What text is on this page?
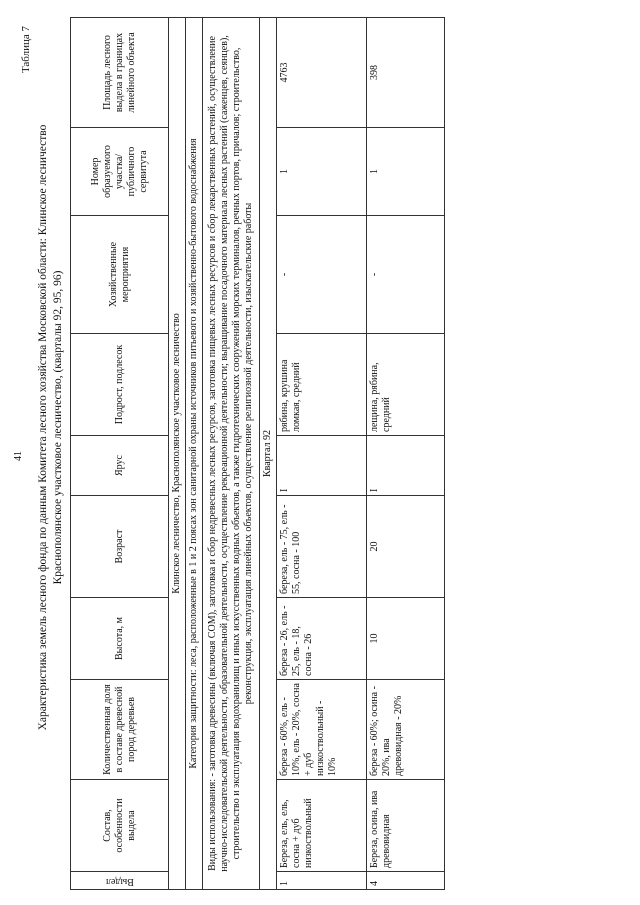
41
Таблица 7
Характеристика земель лесного фонда по данным Комитета лесного хозяйства Московской области: Клинское лесничество Краснополянское участковое лесничество, (кварталы 92, 95, 96)
Выдел	Состав, особенности выдела	Количественная доля в составе древесной пород деревьев	Высота, м	Возраст	Ярус	Подрост, подлесок	Хозяйственные мероприятия	Номер образуемого участка/ публичного сервитута	Площадь лесного выдела в границах линейного объекта
Клинское лесничество, Краснополянское участковое лесничество									
Категория защитности: леса, расположенные в 1 и 2 поясах зон санитарной охраны источников питьевого и хозяйственно-бытового водоснабжения									
Виды использования: - заготовка древесины (включая СОМ), заготовка и сбор недревесных лесных ресурсов, заготовка пищевых лесных ресурсов и сбор лекарственных растений, осуществление научно-исследовательской деятельности, образовательной деятельности, осуществление рекреационной деятельности; выращивание посадочного материала лесных растений (саженцев, сеянцев), строительство и эксплуатация водохранилищ и иных искусственных водных объектов, а также гидротехнических сооружений морских терминалов, речных портов, причалов; строительство, реконструкция, эксплуатация линейных объектов, осуществление религиозной деятельности, изыскательские работы									
Квартал 92									
1	Береза, ель, ель, сосна + дуб низкоствольный	береза - 60%, ель - 10%, ель - 20%, сосна + дуб низкоствольный - 10%	береза - 26, ель - 25, ель - 18, сосна - 26	береза, ель - 75, ель - 55, сосна - 100	I	рябина, крушина ломкая, средний	-	1	4763
4	Береза, осина, ива древовидная	береза - 60%; осина - 20%, ива древовидная - 20%	10	20	I	лещина, рябина, средний	-	1	398
